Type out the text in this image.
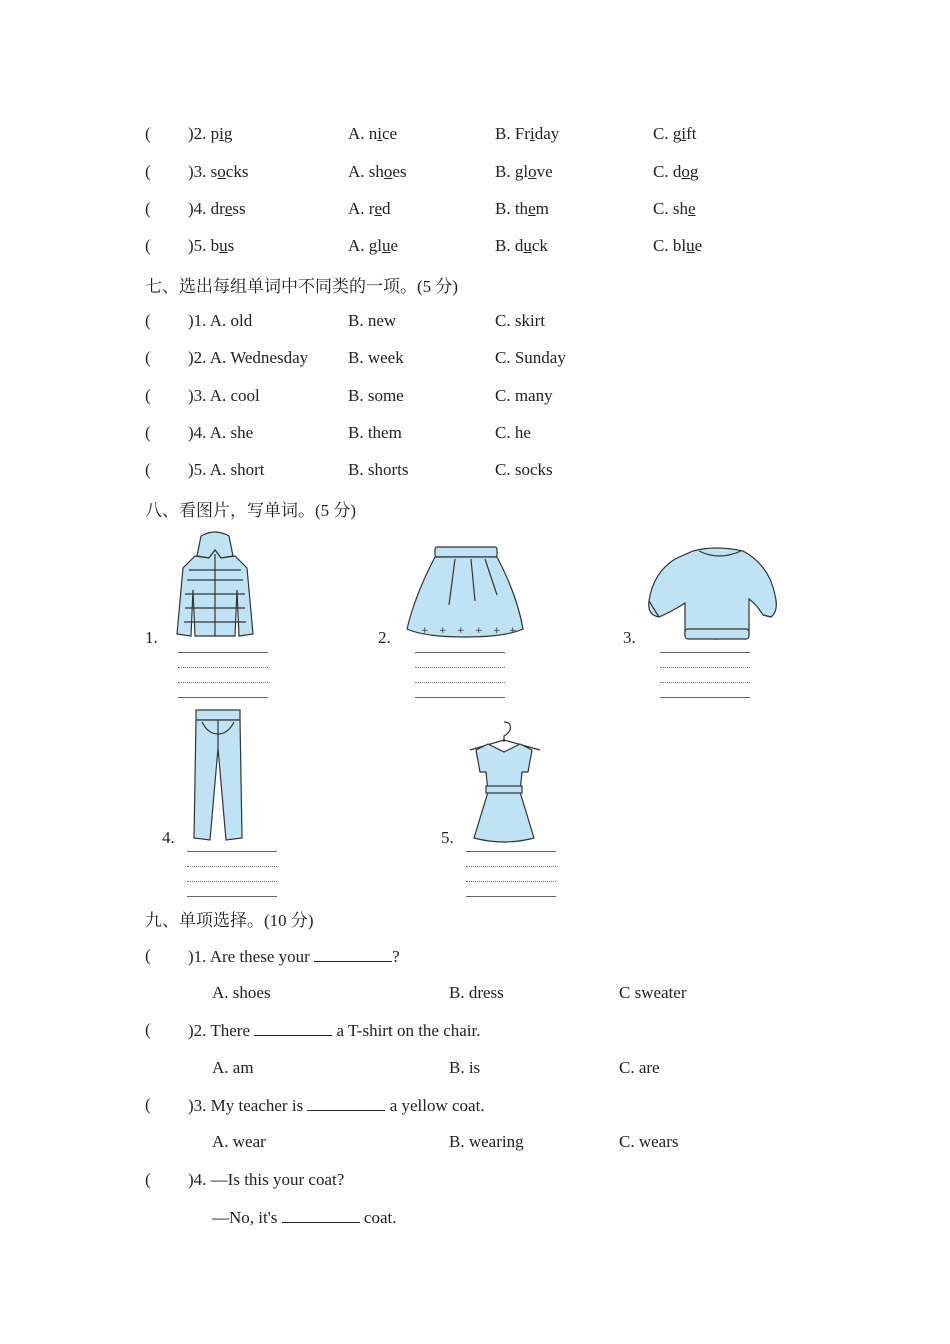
( )2. pig	A. nice	B. Friday	C. gift
( )3. socks	A. shoes	B. glove	C. dog
( )4. dress	A. red	B. them	C. she
( )5. bus	A. glue	B. duck	C. blue
七、选出每组单词中不同类的一项。(5 分)
( )1. A. old	B. new	C. skirt
( )2. A. Wednesday B. week	C. Sunday
( )3. A. cool	B. some	C. many
( )4. A. she	B. them	C. he
( )5. A. short	B. shorts	C. socks
八、看图片，写单词。(5 分)
1.	2.	+ + + + + +	3.
4.	5.
九、单项选择。(10 分)
( )1. Are these your	?
A. shoes	B. dress	C sweater
( )2. There	a T-shirt on the chair.
A. am	B. is	C. are
( )3. My teacher is	a yellow coat.
A. wear	B. wearing	C. wears
( )4. —Is this your coat?
—No, it's	coat.
